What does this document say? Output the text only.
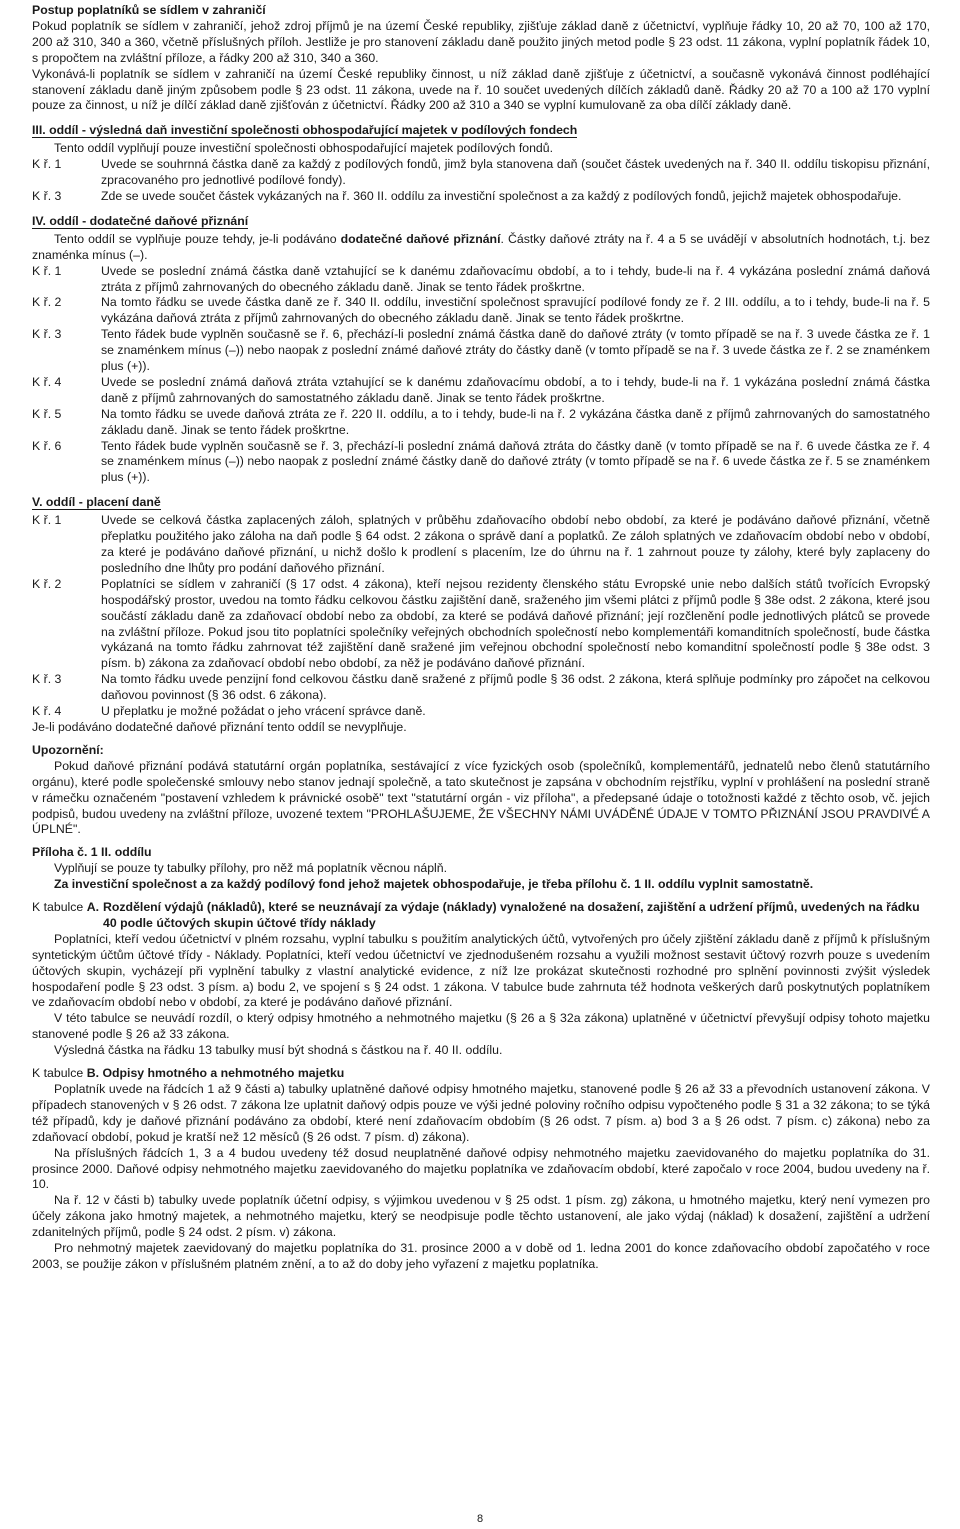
Postup poplatníků se sídlem v zahraničí
Pokud poplatník se sídlem v zahraničí, jehož zdroj příjmů je na území České republiky, zjišťuje základ daně z účetnictví, vyplňuje řádky 10, 20 až 70, 100 až 170, 200 až 310, 340 a 360, včetně příslušných příloh. Jestliže je pro stanovení základu daně použito jiných metod podle § 23 odst. 11 zákona, vyplní poplatník řádek 10, s propočtem na zvláštní příloze, a řádky 200 až 310, 340 a 360.
Vykonává-li poplatník se sídlem v zahraničí na území České republiky činnost, u níž základ daně zjišťuje z účetnictví, a současně vykonává činnost podléhající stanovení základu daně jiným způsobem podle § 23 odst. 11 zákona, uvede na ř. 10 součet uvedených dílčích základů daně. Řádky 20 až 70 a 100 až 170 vyplní pouze za činnost, u níž je dílčí základ daně zjišťován z účetnictví. Řádky 200 až 310 a 340 se vyplní kumulovaně za oba dílčí základy daně.
III. oddíl - výsledná daň investiční společnosti obhospodařující majetek v podílových fondech
Tento oddíl vyplňují pouze investiční společnosti obhospodařující majetek podílových fondů.
K ř. 1	Uvede se souhrnná částka daně za každý z podílových fondů, jimž byla stanovena daň (součet částek uvedených na ř. 340 II. oddílu tiskopisu přiznání, zpracovaného pro jednotlivé podílové fondy).
K ř. 3	Zde se uvede součet částek vykázaných na ř. 360 II. oddílu za investiční společnost a za každý z podílových fondů, jejichž majetek obhospodařuje.
IV. oddíl - dodatečné daňové přiznání
Tento oddíl se vyplňuje pouze tehdy, je-li podáváno dodatečné daňové přiznání. Částky daňové ztráty na ř. 4 a 5 se uvádějí v absolutních hodnotách, t.j. bez znaménka mínus (–).
K ř. 1	Uvede se poslední známá částka daně vztahující se k danému zdaňovacímu období, a to i tehdy, bude-li na ř. 4 vykázána poslední známá daňová ztráta z příjmů zahrnovaných do obecného základu daně. Jinak se tento řádek proškrtne.
K ř. 2	Na tomto řádku se uvede částka daně ze ř. 340 II. oddílu, investiční společnost spravující podílové fondy ze ř. 2 III. oddílu, a to i tehdy, bude-li na ř. 5 vykázána daňová ztráta z příjmů zahrnovaných do obecného základu daně. Jinak se tento řádek proškrtne.
K ř. 3	Tento řádek bude vyplněn současně se ř. 6, přechází-li poslední známá částka daně do daňové ztráty (v tomto případě se na ř. 3 uvede částka ze ř. 1 se znaménkem mínus (–)) nebo naopak z poslední známé daňové ztráty do částky daně (v tomto případě se na ř. 3 uvede částka ze ř. 2 se znaménkem plus (+)).
K ř. 4	Uvede se poslední známá daňová ztráta vztahující se k danému zdaňovacímu období, a to i tehdy, bude-li na ř. 1 vykázána poslední známá částka daně z příjmů zahrnovaných do samostatného základu daně. Jinak se tento řádek proškrtne.
K ř. 5	Na tomto řádku se uvede daňová ztráta ze ř. 220 II. oddílu, a to i tehdy, bude-li na ř. 2 vykázána částka daně z příjmů zahrnovaných do samostatného základu daně. Jinak se tento řádek proškrtne.
K ř. 6	Tento řádek bude vyplněn současně se ř. 3, přechází-li poslední známá daňová ztráta do částky daně (v tomto případě se na ř. 6 uvede částka ze ř. 4 se znaménkem mínus (–)) nebo naopak z poslední známé částky daně do daňové ztráty (v tomto případě se na ř. 6 uvede částka ze ř. 5 se znaménkem plus (+)).
V. oddíl - placení daně
K ř. 1	Uvede se celková částka zaplacených záloh, splatných v průběhu zdaňovacího období nebo období, za které je podáváno daňové přiznání, včetně přeplatku použitého jako záloha na daň podle § 64 odst. 2 zákona o správě daní a poplatků. Ze záloh splatných ve zdaňovacím období nebo v období, za které je podáváno daňové přiznání, u nichž došlo k prodlení s placením, lze do úhrnu na ř. 1 zahrnout pouze ty zálohy, které byly zaplaceny do posledního dne lhůty pro podání daňového přiznání.
K ř. 2	Poplatníci se sídlem v zahraničí (§ 17 odst. 4 zákona), kteří nejsou rezidenty členského státu Evropské unie nebo dalších států tvořících Evropský hospodářský prostor, uvedou na tomto řádku celkovou částku zajištění daně, sraženého jim všemi plátci z příjmů podle § 38e odst. 2 zákona, které jsou součástí základu daně za zdaňovací období nebo za období, za které se podává daňové přiznání; její rozčlenění podle jednotlivých plátců se provede na zvláštní příloze. Pokud jsou tito poplatníci společníky veřejných obchodních společností nebo komplementáři komanditních společností, bude částka vykázaná na tomto řádku zahrnovat též zajištění daně sražené jim veřejnou obchodní společností nebo komanditní společností podle § 38e odst. 3 písm. b) zákona za zdaňovací období nebo období, za něž je podáváno daňové přiznání.
K ř. 3	Na tomto řádku uvede penzijní fond celkovou částku daně sražené z příjmů podle § 36 odst. 2 zákona, která splňuje podmínky pro zápočet na celkovou daňovou povinnost (§ 36 odst. 6 zákona).
K ř. 4	U přeplatku je možné požádat o jeho vrácení správce daně.
Je-li podáváno dodatečné daňové přiznání tento oddíl se nevyplňuje.
Upozornění:
Pokud daňové přiznání podává statutární orgán poplatníka, sestávající z více fyzických osob (společníků, komplementářů, jednatelů nebo členů statutárního orgánu), které podle společenské smlouvy nebo stanov jednají společně, a tato skutečnost je zapsána v obchodním rejstříku, vyplní v prohlášení na poslední straně v rámečku označeném "postavení vzhledem k právnické osobě" text "statutární orgán - viz příloha", a předepsané údaje o totožnosti každé z těchto osob, vč. jejich podpisů, budou uvedeny na zvláštní příloze, uvozené textem "PROHLAŠUJEME, ŽE VŠECHNY NÁMI UVÁDĚNÉ ÚDAJE V TOMTO PŘIZNÁNÍ JSOU PRAVDIVÉ A ÚPLNÉ".
Příloha č. 1 II. oddílu
Vyplňují se pouze ty tabulky přílohy, pro něž má poplatník věcnou náplň.
Za investiční společnost a za každý podílový fond jehož majetek obhospodařuje, je třeba přílohu č. 1 II. oddílu vyplnit samostatně.
K tabulce A. Rozdělení výdajů (nákladů), které se neuznávají za výdaje (náklady) vynaložené na dosažení, zajištění a udržení příjmů, uvedených na řádku 40 podle účtových skupin účtové třídy náklady
Poplatníci, kteří vedou účetnictví v plném rozsahu, vyplní tabulku s použitím analytických účtů, vytvořených pro účely zjištění základu daně z příjmů k příslušným syntetickým účtům účtové třídy - Náklady. Poplatníci, kteří vedou účetnictví ve zjednodušeném rozsahu a využili možnost sestavit účtový rozvrh pouze s uvedením účtových skupin, vycházejí při vyplnění tabulky z vlastní analytické evidence, z níž lze prokázat skutečnosti rozhodné pro splnění povinnosti zvýšit výsledek hospodaření podle § 23 odst. 3 písm. a) bodu 2, ve spojení s § 24 odst. 1 zákona. V tabulce bude zahrnuta též hodnota veškerých darů poskytnutých poplatníkem ve zdaňovacím období nebo v období, za které je podáváno daňové přiznání.
V této tabulce se neuvádí rozdíl, o který odpisy hmotného a nehmotného majetku (§ 26 a § 32a zákona) uplatněné v účetnictví převyšují odpisy tohoto majetku stanovené podle § 26 až 33 zákona.
Výsledná částka na řádku 13 tabulky musí být shodná s částkou na ř. 40 II. oddílu.
K tabulce B. Odpisy hmotného a nehmotného majetku
Poplatník uvede na řádcích 1 až 9 části a) tabulky uplatněné daňové odpisy hmotného majetku, stanovené podle § 26 až 33 a převodních ustanovení zákona. V případech stanovených v § 26 odst. 7 zákona lze uplatnit daňový odpis pouze ve výši jedné poloviny ročního odpisu vypočteného podle § 31 a 32 zákona; to se týká též případů, kdy je daňové přiznání podáváno za období, které není zdaňovacím obdobím (§ 26 odst. 7 písm. a) bod 3 a § 26 odst. 7 písm. c) zákona) nebo za zdaňovací období, pokud je kratší než 12 měsíců (§ 26 odst. 7 písm. d) zákona).
Na příslušných řádcích 1, 3 a 4 budou uvedeny též dosud neuplatněné daňové odpisy nehmotného majetku zaevidovaného do majetku poplatníka do 31. prosince 2000. Daňové odpisy nehmotného majetku zaevidovaného do majetku poplatníka ve zdaňovacím období, které započalo v roce 2004, budou uvedeny na ř. 10.
Na ř. 12 v části b) tabulky uvede poplatník účetní odpisy, s výjimkou uvedenou v § 25 odst. 1 písm. zg) zákona, u hmotného majetku, který není vymezen pro účely zákona jako hmotný majetek, a nehmotného majetku, který se neodpisuje podle těchto ustanovení, ale jako výdaj (náklad) k dosažení, zajištění a udržení zdanitelných příjmů, podle § 24 odst. 2 písm. v) zákona.
Pro nehmotný majetek zaevidovaný do majetku poplatníka do 31. prosince 2000 a v době od 1. ledna 2001 do konce zdaňovacího období započatého v roce 2003, se použije zákon v příslušném platném znění, a to až do doby jeho vyřazení z majetku poplatníka.
8
